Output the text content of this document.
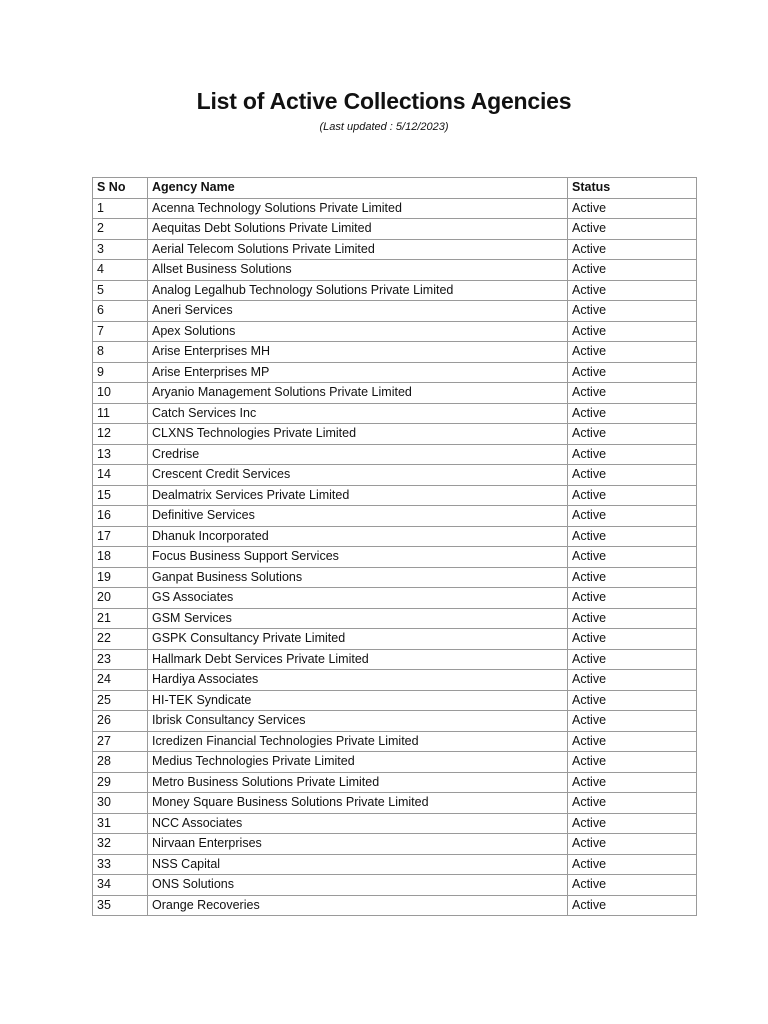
List of Active Collections Agencies
(Last updated : 5/12/2023)
S No	Agency Name	Status
1	Acenna Technology Solutions Private Limited	Active
2	Aequitas Debt Solutions Private Limited	Active
3	Aerial Telecom Solutions Private Limited	Active
4	Allset Business Solutions	Active
5	Analog Legalhub Technology Solutions Private Limited	Active
6	Aneri Services	Active
7	Apex Solutions	Active
8	Arise Enterprises MH	Active
9	Arise Enterprises MP	Active
10	Aryanio Management Solutions Private Limited	Active
11	Catch Services Inc	Active
12	CLXNS Technologies Private Limited	Active
13	Credrise	Active
14	Crescent Credit Services	Active
15	Dealmatrix Services Private Limited	Active
16	Definitive Services	Active
17	Dhanuk Incorporated	Active
18	Focus Business Support Services	Active
19	Ganpat Business Solutions	Active
20	GS Associates	Active
21	GSM Services	Active
22	GSPK Consultancy Private Limited	Active
23	Hallmark Debt Services Private Limited	Active
24	Hardiya Associates	Active
25	HI-TEK Syndicate	Active
26	Ibrisk Consultancy Services	Active
27	Icredizen Financial Technologies Private Limited	Active
28	Medius Technologies Private Limited	Active
29	Metro Business Solutions Private Limited	Active
30	Money Square Business Solutions Private Limited	Active
31	NCC Associates	Active
32	Nirvaan Enterprises	Active
33	NSS Capital	Active
34	ONS Solutions	Active
35	Orange Recoveries	Active
